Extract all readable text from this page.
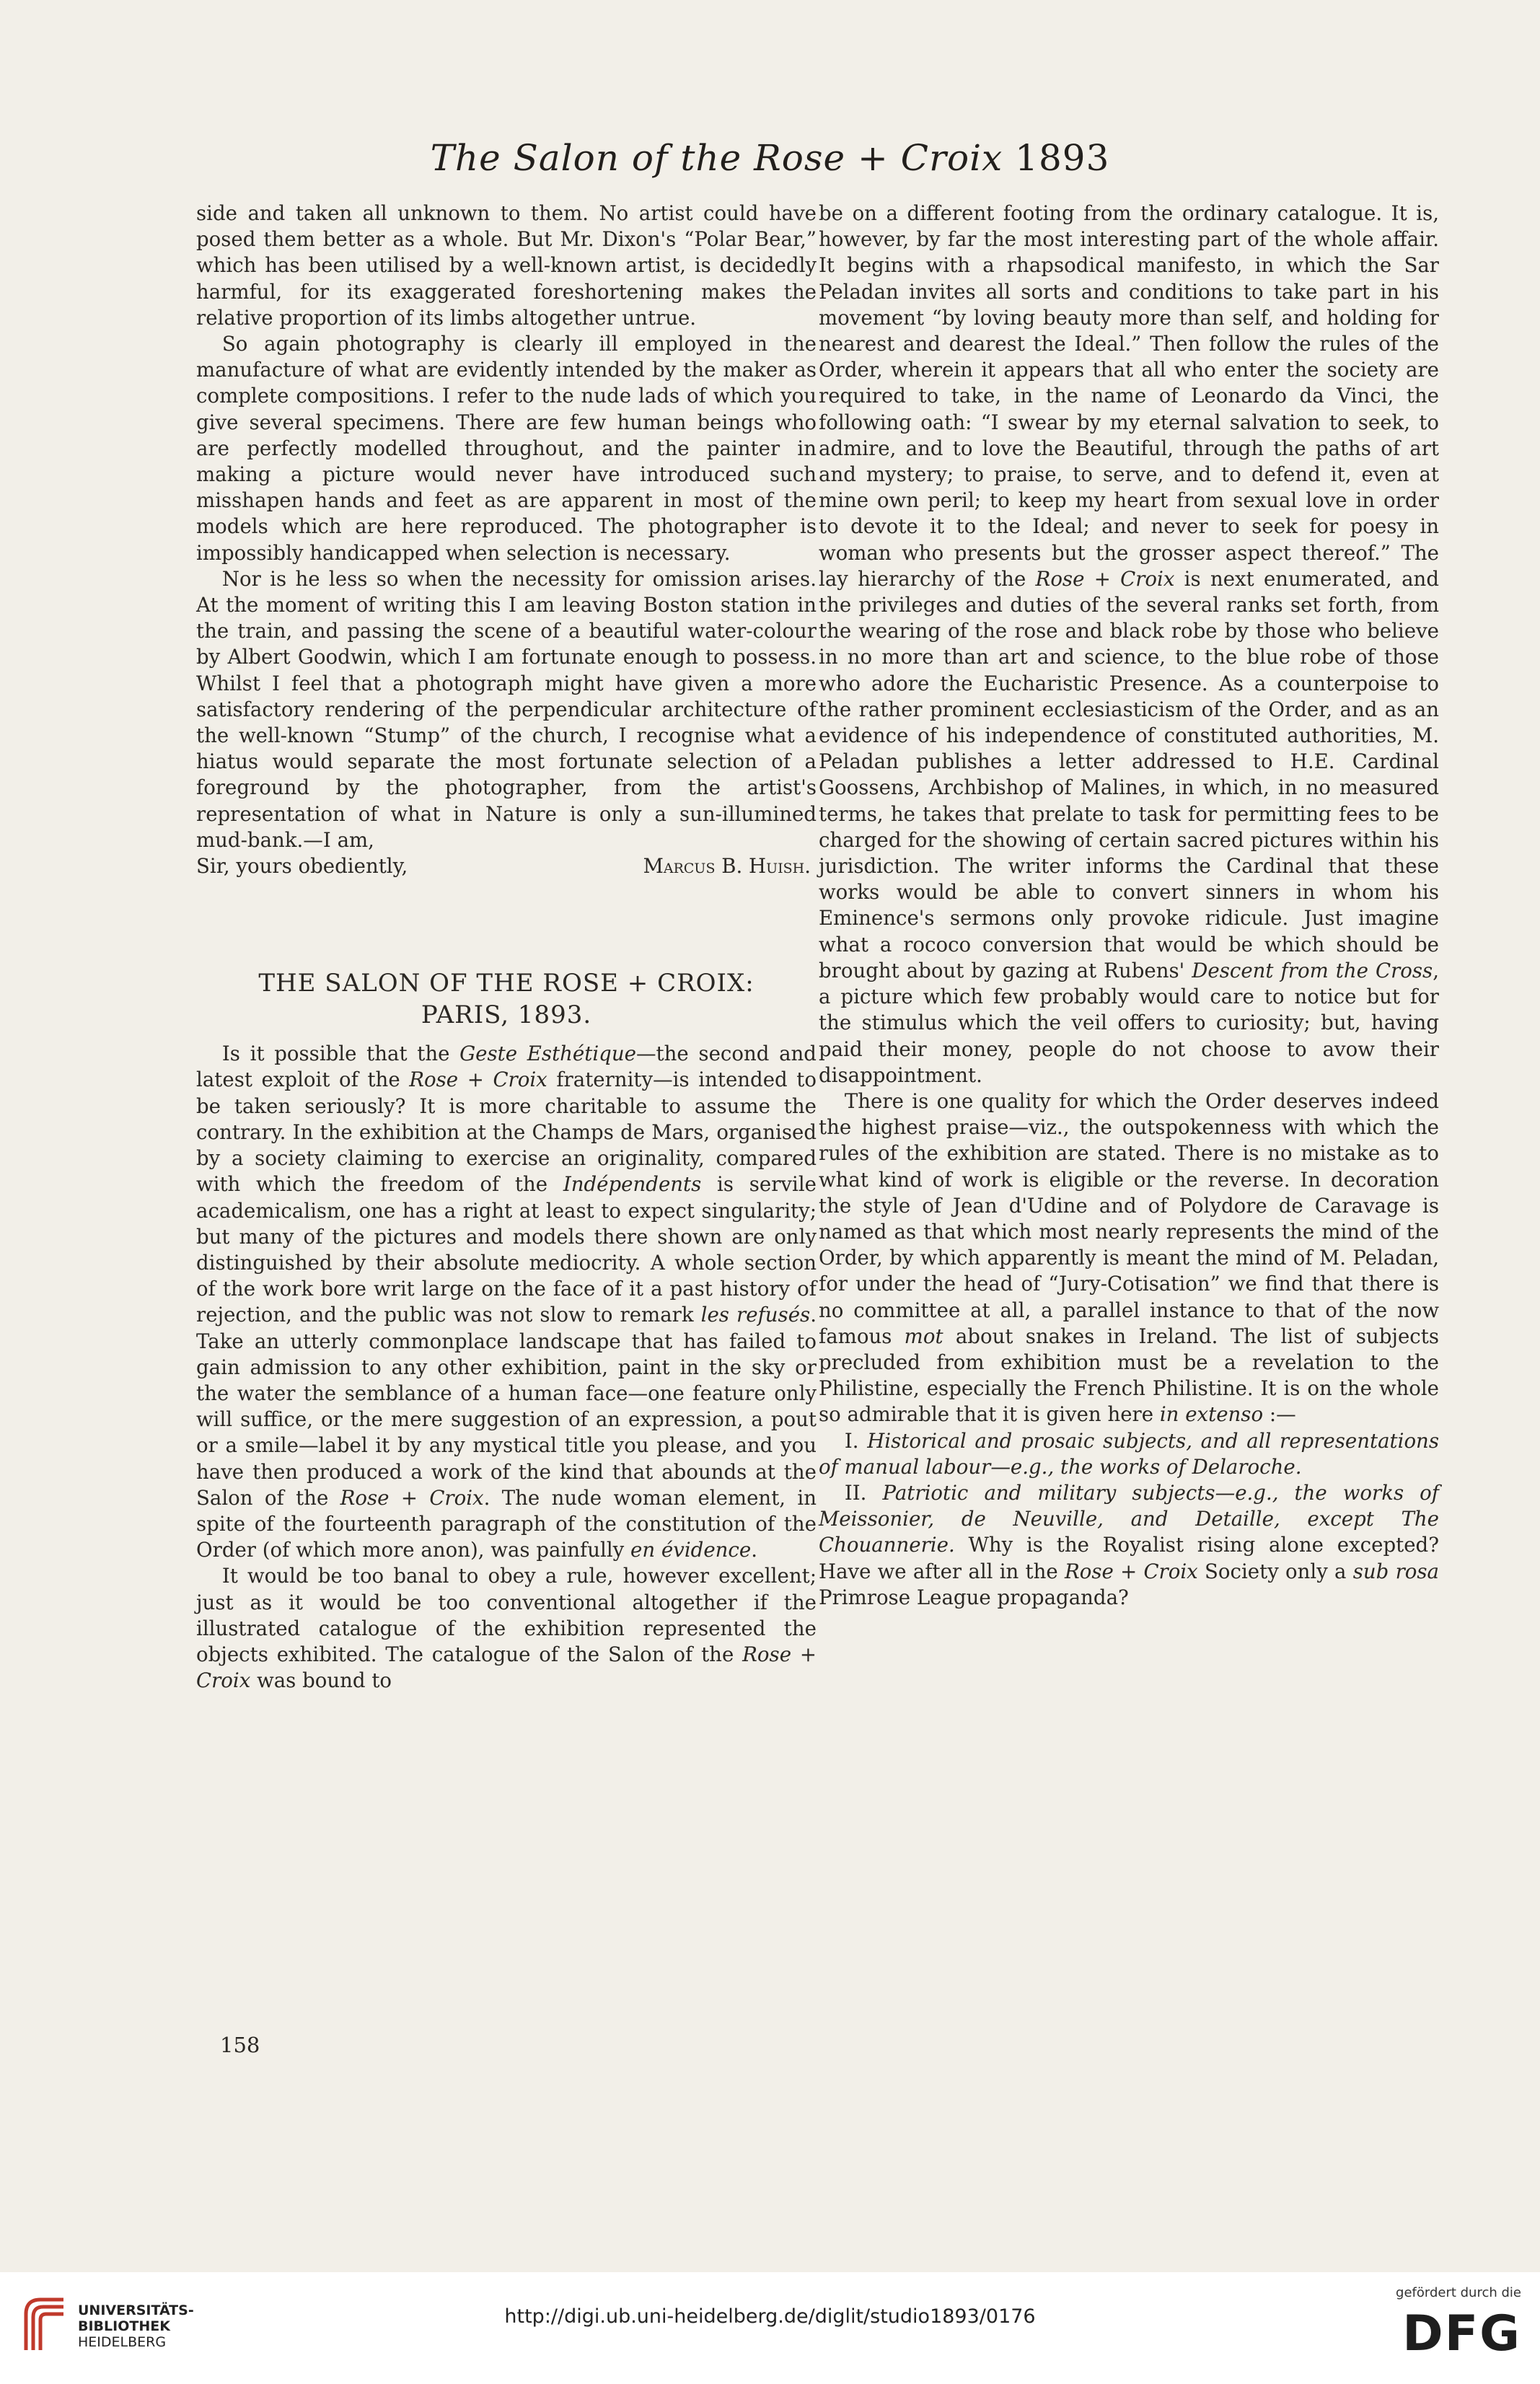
The Salon of the Rose + Croix 1893

side and taken all unknown to them. No artist could have posed them better as a whole. But Mr. Dixon's “Polar Bear,” which has been utilised by a well-known artist, is decidedly harmful, for its exaggerated foreshortening makes the relative proportion of its limbs altogether untrue.

So again photography is clearly ill employed in the manufacture of what are evidently intended by the maker as complete compositions. I refer to the nude lads of which you give several specimens. There are few human beings who are perfectly modelled throughout, and the painter in making a picture would never have introduced such misshapen hands and feet as are apparent in most of the models which are here reproduced. The photographer is impossibly handicapped when selection is necessary.

Nor is he less so when the necessity for omission arises. At the moment of writing this I am leaving Boston station in the train, and passing the scene of a beautiful water-colour by Albert Goodwin, which I am fortunate enough to possess. Whilst I feel that a photograph might have given a more satisfactory rendering of the perpendicular architecture of the well-known “Stump” of the church, I recognise what a hiatus would separate the most fortunate selection of a foreground by the photographer, from the artist's representation of what in Nature is only a sun-illumined mud-bank.—I am,

Sir, yours obediently,	Marcus B. Huish.
THE SALON OF THE ROSE + CROIX:
PARIS, 1893.

Is it possible that the Geste Esthétique—the second and latest exploit of the Rose + Croix fraternity—is intended to be taken seriously? It is more charitable to assume the contrary. In the exhibition at the Champs de Mars, organised by a society claiming to exercise an originality, compared with which the freedom of the Indépendents is servile academicalism, one has a right at least to expect singularity; but many of the pictures and models there shown are only distinguished by their absolute mediocrity. A whole section of the work bore writ large on the face of it a past history of rejection, and the public was not slow to remark les refusés. Take an utterly commonplace landscape that has failed to gain admission to any other exhibition, paint in the sky or the water the semblance of a human face—one feature only will suffice, or the mere suggestion of an expression, a pout or a smile—label it by any mystical title you please, and you have then produced a work of the kind that abounds at the Salon of the Rose + Croix. The nude woman element, in spite of the fourteenth paragraph of the constitution of the Order (of which more anon), was painfully en évidence.

It would be too banal to obey a rule, however excellent; just as it would be too conventional altogether if the illustrated catalogue of the exhibition represented the objects exhibited. The catalogue of the Salon of the Rose + Croix was bound to

be on a different footing from the ordinary catalogue. It is, however, by far the most interesting part of the whole affair. It begins with a rhapsodical manifesto, in which the Sar Peladan invites all sorts and conditions to take part in his movement “by loving beauty more than self, and holding for nearest and dearest the Ideal.” Then follow the rules of the Order, wherein it appears that all who enter the society are required to take, in the name of Leonardo da Vinci, the following oath: “I swear by my eternal salvation to seek, to admire, and to love the Beautiful, through the paths of art and mystery; to praise, to serve, and to defend it, even at mine own peril; to keep my heart from sexual love in order to devote it to the Ideal; and never to seek for poesy in woman who presents but the grosser aspect thereof.” The lay hierarchy of the Rose + Croix is next enumerated, and the privileges and duties of the several ranks set forth, from the wearing of the rose and black robe by those who believe in no more than art and science, to the blue robe of those who adore the Eucharistic Presence. As a counterpoise to the rather prominent ecclesiasticism of the Order, and as an evidence of his independence of constituted authorities, M. Peladan publishes a letter addressed to H.E. Cardinal Goossens, Archbishop of Malines, in which, in no measured terms, he takes that prelate to task for permitting fees to be charged for the showing of certain sacred pictures within his jurisdiction. The writer informs the Cardinal that these works would be able to convert sinners in whom his Eminence's sermons only provoke ridicule. Just imagine what a rococo conversion that would be which should be brought about by gazing at Rubens' Descent from the Cross, a picture which few probably would care to notice but for the stimulus which the veil offers to curiosity; but, having paid their money, people do not choose to avow their disappointment.

There is one quality for which the Order deserves indeed the highest praise—viz., the outspokenness with which the rules of the exhibition are stated. There is no mistake as to what kind of work is eligible or the reverse. In decoration the style of Jean d'Udine and of Polydore de Caravage is named as that which most nearly represents the mind of the Order, by which apparently is meant the mind of M. Peladan, for under the head of “Jury-Cotisation” we find that there is no committee at all, a parallel instance to that of the now famous mot about snakes in Ireland. The list of subjects precluded from exhibition must be a revelation to the Philistine, especially the French Philistine. It is on the whole so admirable that it is given here in extenso :—

I. Historical and prosaic subjects, and all representations of manual labour—e.g., the works of Delaroche.

II. Patriotic and military subjects—e.g., the works of Meissonier, de Neuville, and Detaille, except The Chouannerie. Why is the Royalist rising alone excepted? Have we after all in the Rose + Croix Society only a sub rosa Primrose League propaganda?

158
UNIVERSITÄTS-
BIBLIOTHEK
HEIDELBERG
http://digi.ub.uni-heidelberg.de/diglit/studio1893/0176
gefördert durch die
DFG
